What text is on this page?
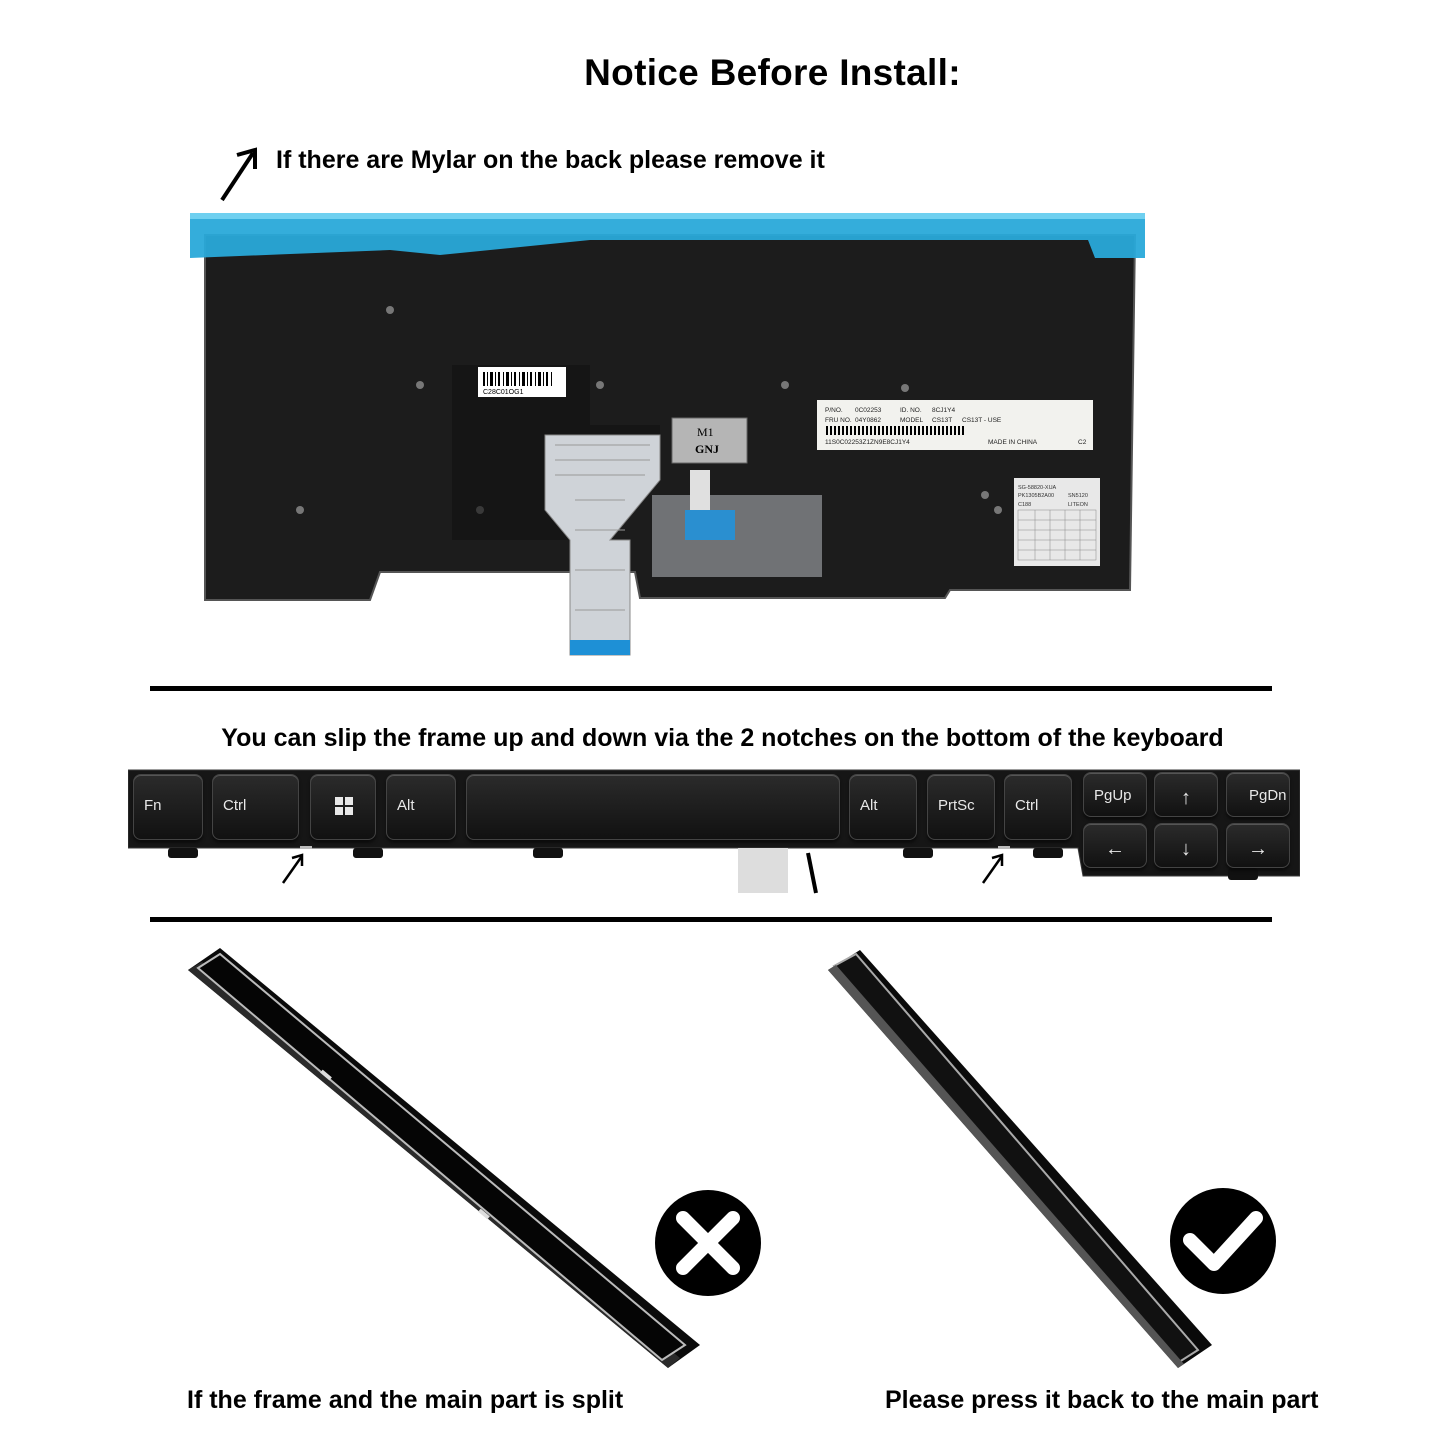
Notice Before Install:
If there are Mylar on the back please remove it
M1
GNJ
C28C01OG1
P/NO. 0C02253	ID. NO. 8CJ1Y4
FRU NO. 04Y0862	MODEL CS13T CS13T - USE
11S0C02253Z1ZN9E8CJ1Y4	MADE IN CHINA	C2
SG-58820-XUA
PK1305B2A00	SN5120
C188	LITEON
You can slip the frame up and down via the 2 notches on the bottom of the keyboard
Fn	Ctrl	Alt	Alt	PrtSc	Ctrl
PgUp	↑	PgDn
←	↓	→
If the frame and the main part is split	Please press it back to the main part
